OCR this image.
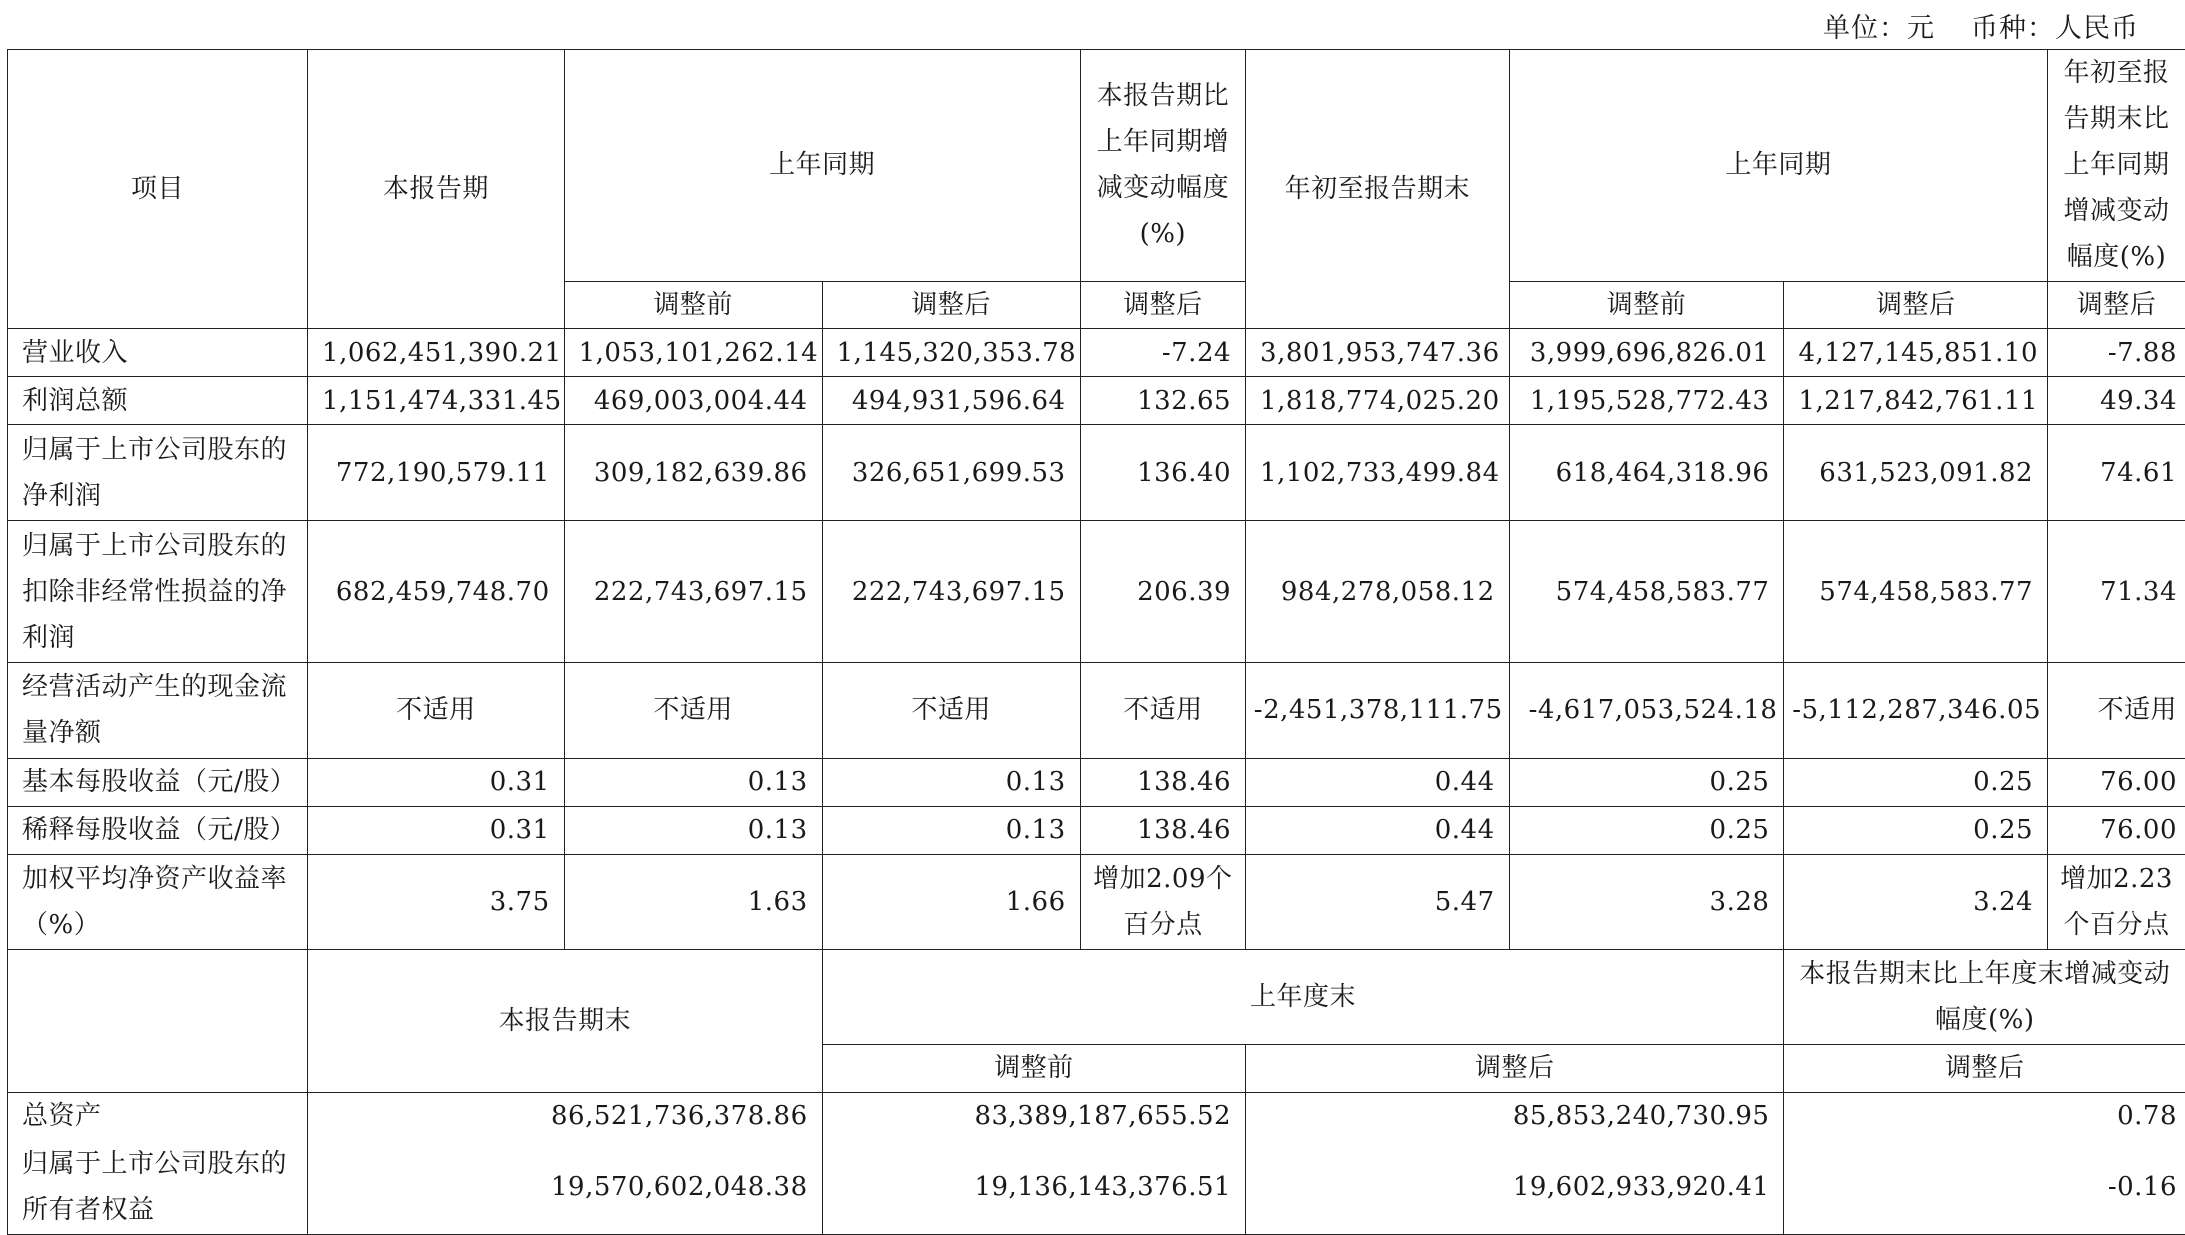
单位：元 币种：人民币
项目	本报告期	上年同期		本报告期比上年同期增减变动幅度(%)	年初至报告期末	上年同期		年初至报告期末比上年同期增减变动幅度(%)
		调整前	调整后	调整后		调整前	调整后	调整后
营业收入	1,062,451,390.21	1,053,101,262.14	1,145,320,353.78	-7.24	3,801,953,747.36	3,999,696,826.01	4,127,145,851.10	-7.88
利润总额	1,151,474,331.45	469,003,004.44	494,931,596.64	132.65	1,818,774,025.20	1,195,528,772.43	1,217,842,761.11	49.34
归属于上市公司股东的净利润	772,190,579.11	309,182,639.86	326,651,699.53	136.40	1,102,733,499.84	618,464,318.96	631,523,091.82	74.61
归属于上市公司股东的扣除非经常性损益的净利润	682,459,748.70	222,743,697.15	222,743,697.15	206.39	984,278,058.12	574,458,583.77	574,458,583.77	71.34
经营活动产生的现金流量净额	不适用	不适用	不适用	不适用	-2,451,378,111.75	-4,617,053,524.18	-5,112,287,346.05	不适用
基本每股收益（元/股）	0.31	0.13	0.13	138.46	0.44	0.25	0.25	76.00
稀释每股收益（元/股）	0.31	0.13	0.13	138.46	0.44	0.25	0.25	76.00
加权平均净资产收益率（%）	3.75	1.63	1.66	增加2.09个百分点	5.47	3.28	3.24	增加2.23个百分点
	本报告期末		上年度末				本报告期末比上年度末增减变动幅度(%)	
			调整前		调整后		调整后	
总资产	86,521,736,378.86		83,389,187,655.52		85,853,240,730.95		0.78	
归属于上市公司股东的所有者权益	19,570,602,048.38		19,136,143,376.51		19,602,933,920.41		-0.16	
